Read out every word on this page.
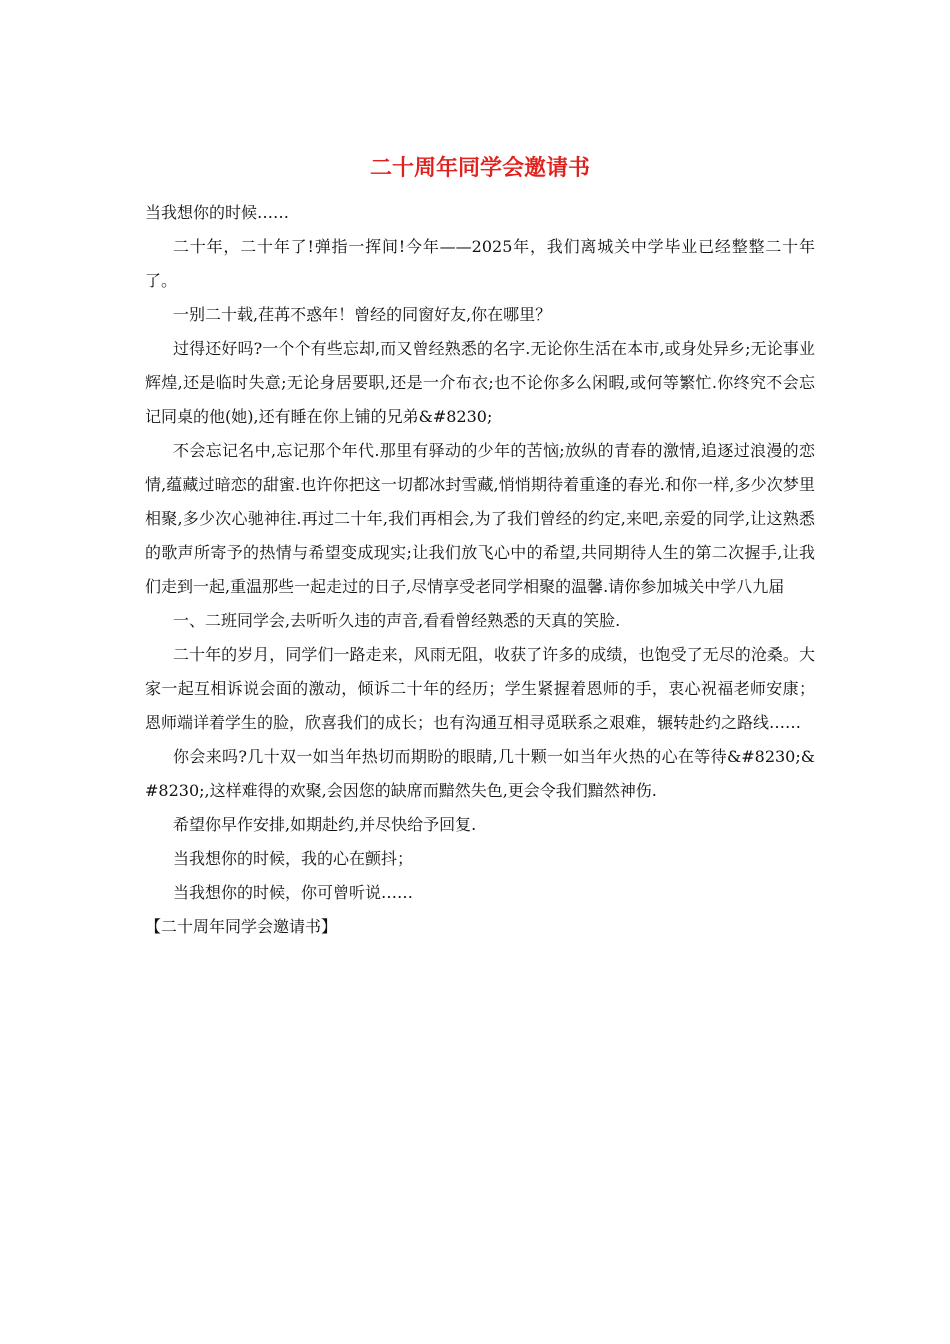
二十周年同学会邀请书

当我想你的时候……

二十年，二十年了!弹指一挥间!今年——2025年，我们离城关中学毕业已经整整二十年了。

一别二十载,荏苒不惑年！曾经的同窗好友,你在哪里？

过得还好吗?一个个有些忘却,而又曾经熟悉的名字.无论你生活在本市,或身处异乡;无论事业辉煌,还是临时失意;无论身居要职,还是一介布衣;也不论你多么闲暇,或何等繁忙.你终究不会忘记同桌的他(她),还有睡在你上铺的兄弟&#8230;

不会忘记名中,忘记那个年代.那里有驿动的少年的苦恼;放纵的青春的激情,追逐过浪漫的恋情,蕴藏过暗恋的甜蜜.也许你把这一切都冰封雪藏,悄悄期待着重逢的春光.和你一样,多少次梦里相聚,多少次心驰神往.再过二十年,我们再相会,为了我们曾经的约定,来吧,亲爱的同学,让这熟悉的歌声所寄予的热情与希望变成现实;让我们放飞心中的希望,共同期待人生的第二次握手,让我们走到一起,重温那些一起走过的日子,尽情享受老同学相聚的温馨.请你参加城关中学八九届

一、二班同学会,去听听久违的声音,看看曾经熟悉的天真的笑脸.

二十年的岁月，同学们一路走来，风雨无阻，收获了许多的成绩，也饱受了无尽的沧桑。大家一起互相诉说会面的激动，倾诉二十年的经历；学生紧握着恩师的手，衷心祝福老师安康；恩师端详着学生的脸，欣喜我们的成长；也有沟通互相寻觅联系之艰难，辗转赴约之路线……

你会来吗?几十双一如当年热切而期盼的眼睛,几十颗一如当年火热的心在等待&#8230;&#8230;,这样难得的欢聚,会因您的缺席而黯然失色,更会令我们黯然神伤.

希望你早作安排,如期赴约,并尽快给予回复.

当我想你的时候，我的心在颤抖；

当我想你的时候，你可曾听说……

【二十周年同学会邀请书】
